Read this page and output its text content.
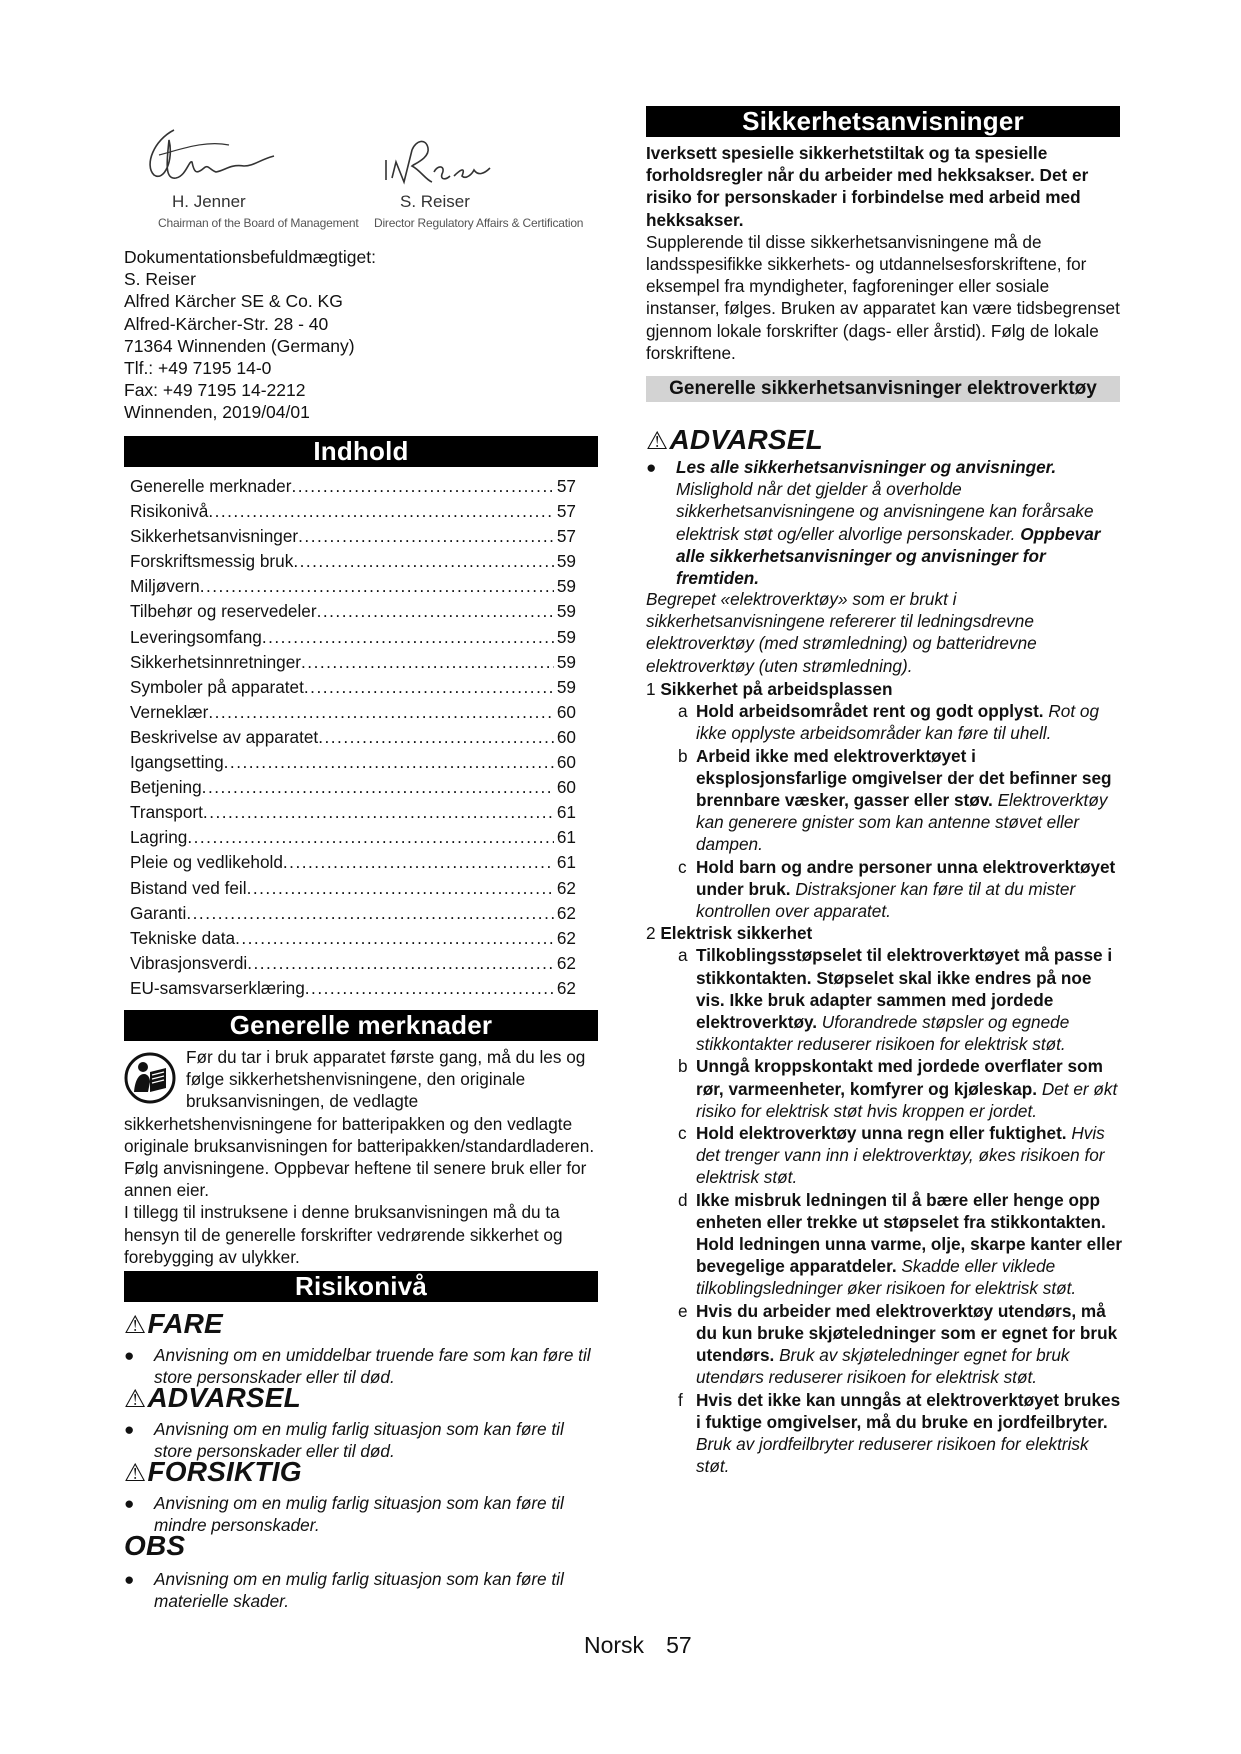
H. Jenner
Chairman of the Board of Management
S. Reiser
Director Regulatory Affairs & Certification
Dokumentationsbefuldmægtiget:
S. Reiser
Alfred Kärcher SE & Co. KG
Alfred-Kärcher-Str. 28 - 40
71364 Winnenden (Germany)
Tlf.: +49 7195 14-0
Fax: +49 7195 14-2212
Winnenden, 2019/04/01
Indhold
Generelle merknader .....	57
Risikonivå .....	57
Sikkerhetsanvisninger .....	57
Forskriftsmessig bruk .....	59
Miljøvern .....	59
Tilbehør og reservedeler .....	59
Leveringsomfang .....	59
Sikkerhetsinnretninger .....	59
Symboler på apparatet .....	59
Verneklær .....	60
Beskrivelse av apparatet .....	60
Igangsetting .....	60
Betjening .....	60
Transport .....	61
Lagring .....	61
Pleie og vedlikehold .....	61
Bistand ved feil .....	62
Garanti .....	62
Tekniske data .....	62
Vibrasjonsverdi .....	62
EU-samsvarserklæring .....	62
Generelle merknader

Før du tar i bruk apparatet første gang, må du les og følge sikkerhetshenvisningene, den originale bruksanvisningen, de vedlagte sikkerhetshenvisningene for batteripakken og den vedlagte originale bruksanvisningen for batteripakken/standardladeren. Følg anvisningene. Oppbevar heftene til senere bruk eller for annen eier.

I tillegg til instruksene i denne bruksanvisningen må du ta hensyn til de generelle forskrifter vedrørende sikkerhet og forebygging av ulykker.

Risikonivå
⚠FARE
●	Anvisning om en umiddelbar truende fare som kan føre til store personskader eller til død.
⚠ADVARSEL
●	Anvisning om en mulig farlig situasjon som kan føre til store personskader eller til død.
⚠FORSIKTIG
●	Anvisning om en mulig farlig situasjon som kan føre til mindre personskader.
OBS
●	Anvisning om en mulig farlig situasjon som kan føre til materielle skader.
Sikkerhetsanvisninger
Iverksett spesielle sikkerhetstiltak og ta spesielle forholdsregler når du arbeider med hekksakser. Det er risiko for personskader i forbindelse med arbeid med hekksakser.
Supplerende til disse sikkerhetsanvisningene må de landsspesifikke sikkerhets- og utdannelsesforskriftene, for eksempel fra myndigheter, fagforeninger eller sosiale instanser, følges. Bruken av apparatet kan være tidsbegrenset gjennom lokale forskrifter (dags- eller årstid). Følg de lokale forskriftene.
Generelle sikkerhetsanvisninger elektroverktøy
⚠ADVARSEL
●	Les alle sikkerhetsanvisninger og anvisninger. Mislighold når det gjelder å overholde sikkerhetsanvisningene og anvisningene kan forårsake elektrisk støt og/eller alvorlige personskader. Oppbevar alle sikkerhetsanvisninger og anvisninger for fremtiden.
Begrepet «elektroverktøy» som er brukt i sikkerhetsanvisningene refererer til ledningsdrevne elektroverktøy (med strømledning) og batteridrevne elektroverktøy (uten strømledning).
1 Sikkerhet på arbeidsplassen
a Hold arbeidsområdet rent og godt opplyst. Rot og ikke opplyste arbeidsområder kan føre til uhell.
b Arbeid ikke med elektroverktøyet i eksplosjonsfarlige omgivelser der det befinner seg brennbare væsker, gasser eller støv. Elektroverktøy kan generere gnister som kan antenne støvet eller dampen.
c Hold barn og andre personer unna elektroverktøyet under bruk. Distraksjoner kan føre til at du mister kontrollen over apparatet.
2 Elektrisk sikkerhet
a Tilkoblingsstøpselet til elektroverktøyet må passe i stikkontakten. Støpselet skal ikke endres på noe vis. Ikke bruk adapter sammen med jordede elektroverktøy. Uforandrede støpsler og egnede stikkontakter reduserer risikoen for elektrisk støt.
b Unngå kroppskontakt med jordede overflater som rør, varmeenheter, komfyrer og kjøleskap. Det er økt risiko for elektrisk støt hvis kroppen er jordet.
c Hold elektroverktøy unna regn eller fuktighet. Hvis det trenger vann inn i elektroverktøy, økes risikoen for elektrisk støt.
d Ikke misbruk ledningen til å bære eller henge opp enheten eller trekke ut støpselet fra stikkontakten. Hold ledningen unna varme, olje, skarpe kanter eller bevegelige apparatdeler. Skadde eller viklede tilkoblingsledninger øker risikoen for elektrisk støt.
e Hvis du arbeider med elektroverktøy utendørs, må du kun bruke skjøteledninger som er egnet for bruk utendørs. Bruk av skjøteledninger egnet for bruk utendørs reduserer risikoen for elektrisk støt.
f Hvis det ikke kan unngås at elektroverktøyet brukes i fuktige omgivelser, må du bruke en jordfeilbryter. Bruk av jordfeilbryter reduserer risikoen for elektrisk støt.
Norsk 57
